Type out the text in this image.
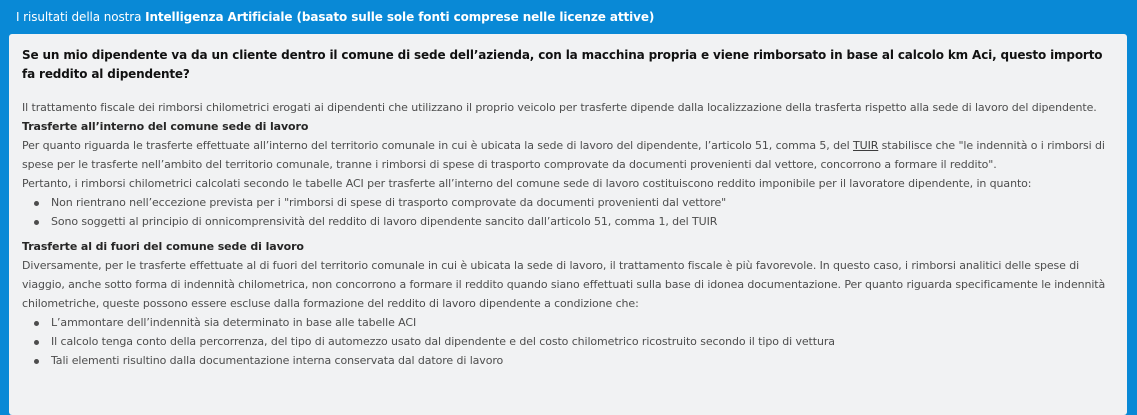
I risultati della nostra Intelligenza Artificiale (basato sulle sole fonti comprese nelle licenze attive)

Se un mio dipendente va da un cliente dentro il comune di sede dell’azienda, con la macchina propria e viene rimborsato in base al calcolo km Aci, questo importo fa reddito al dipendente?

Il trattamento fiscale dei rimborsi chilometrici erogati ai dipendenti che utilizzano il proprio veicolo per trasferte dipende dalla localizzazione della trasferta rispetto alla sede di lavoro del dipendente.

Trasferte all’interno del comune sede di lavoro

Per quanto riguarda le trasferte effettuate all’interno del territorio comunale in cui è ubicata la sede di lavoro del dipendente, l’articolo 51, comma 5, del TUIR stabilisce che "le indennità o i rimborsi di spese per le trasferte nell’ambito del territorio comunale, tranne i rimborsi di spese di trasporto comprovate da documenti provenienti dal vettore, concorrono a formare il reddito".

Pertanto, i rimborsi chilometrici calcolati secondo le tabelle ACI per trasferte all’interno del comune sede di lavoro costituiscono reddito imponibile per il lavoratore dipendente, in quanto:

Non rientrano nell’eccezione prevista per i "rimborsi di spese di trasporto comprovate da documenti provenienti dal vettore"
Sono soggetti al principio di onnicomprensività del reddito di lavoro dipendente sancito dall’articolo 51, comma 1, del TUIR

Trasferte al di fuori del comune sede di lavoro

Diversamente, per le trasferte effettuate al di fuori del territorio comunale in cui è ubicata la sede di lavoro, il trattamento fiscale è più favorevole. In questo caso, i rimborsi analitici delle spese di viaggio, anche sotto forma di indennità chilometrica, non concorrono a formare il reddito quando siano effettuati sulla base di idonea documentazione. Per quanto riguarda specificamente le indennità chilometriche, queste possono essere escluse dalla formazione del reddito di lavoro dipendente a condizione che:

L’ammontare dell’indennità sia determinato in base alle tabelle ACI
Il calcolo tenga conto della percorrenza, del tipo di automezzo usato dal dipendente e del costo chilometrico ricostruito secondo il tipo di vettura
Tali elementi risultino dalla documentazione interna conservata dal datore di lavoro
